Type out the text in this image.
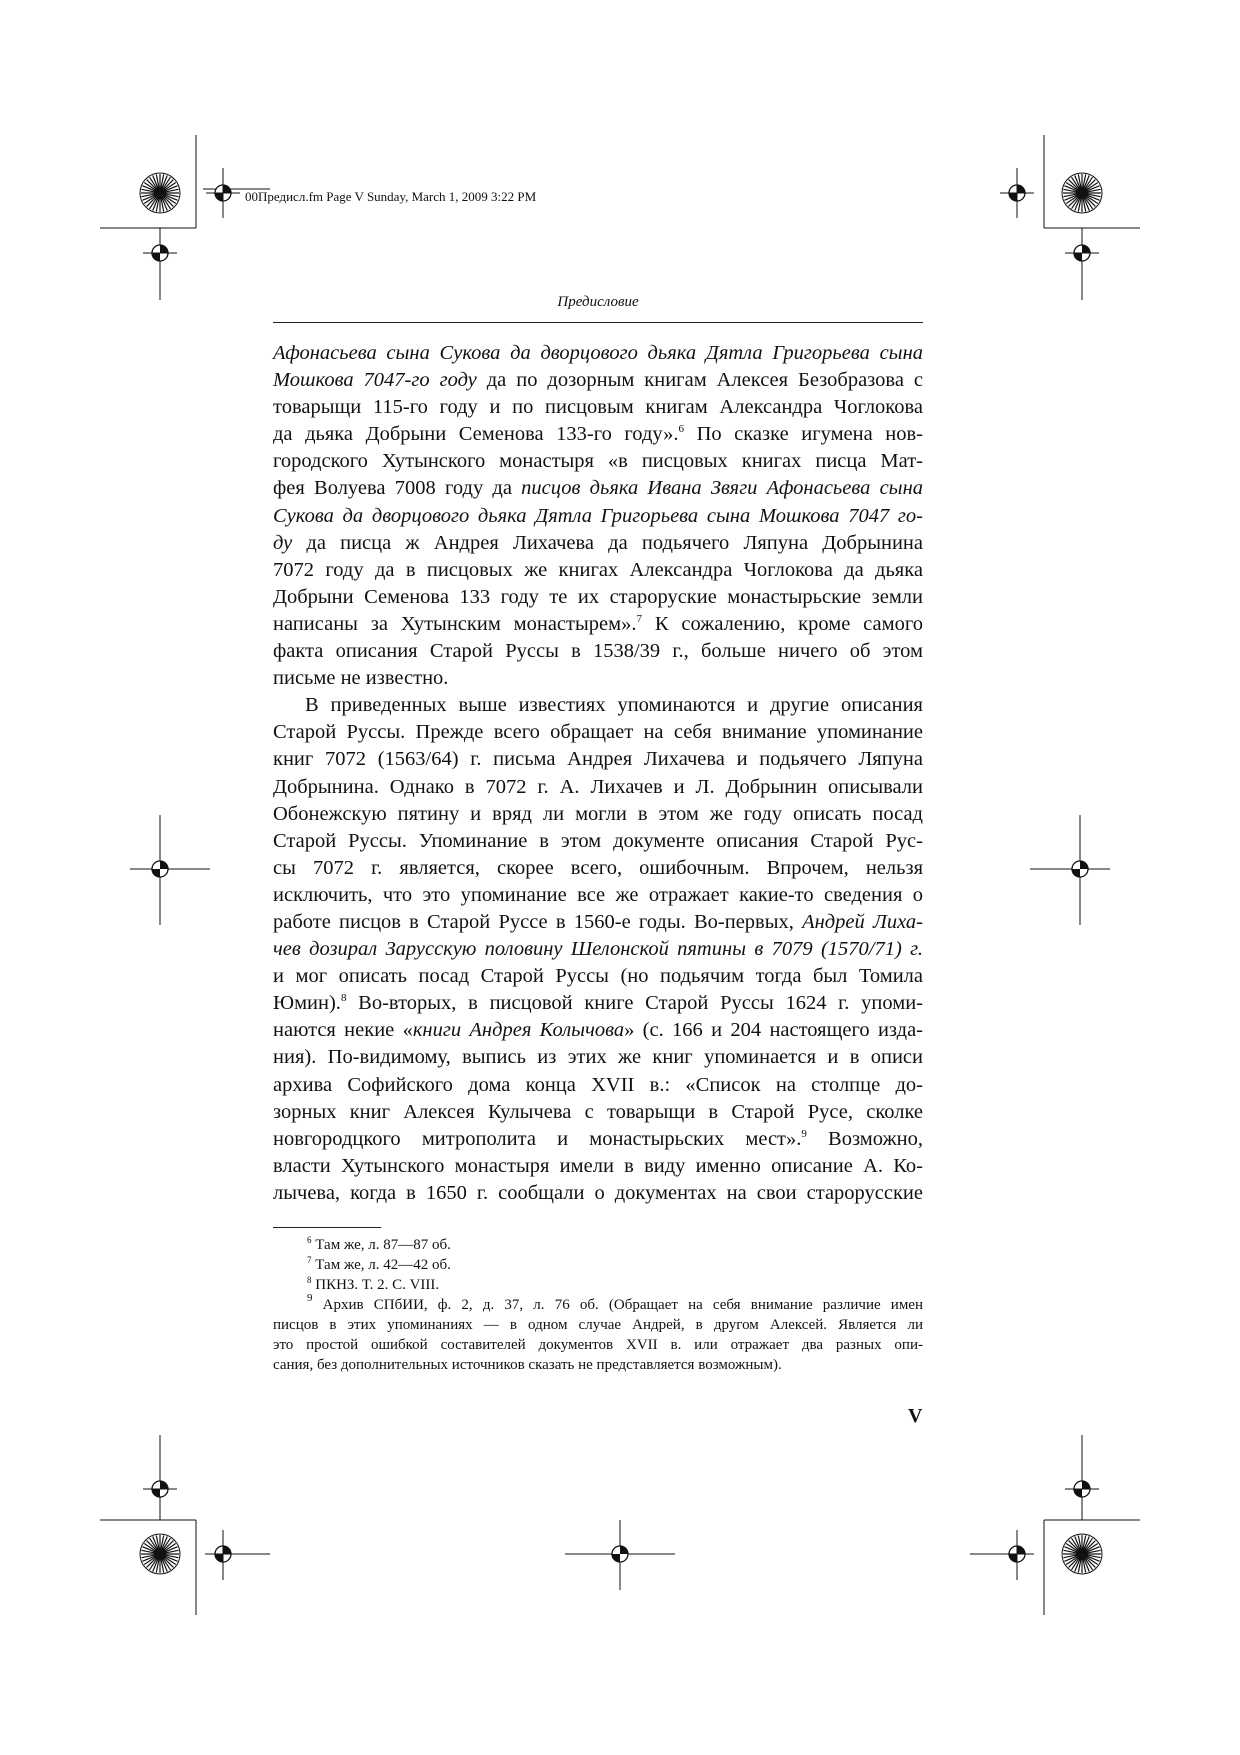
00Предисл.fm Page V Sunday, March 1, 2009 3:22 PM
Предисловие

Афонасьева сына Сукова да дворцового дьяка Дятла Григорьева сына
Мошкова 7047-го году да по дозорным книгам Алексея Безобразова с
товарыщи 115-го году и по писцовым книгам Александра Чоглокова
да дьяка Добрыни Семенова 133-го году».$^6$ По сказке игумена нов-
городского Хутынского монастыря «в писцовых книгах писца Мат-
фея Волуева 7008 году да писцов дьяка Ивана Звяги Афонасьева сына
Сукова да дворцового дьяка Дятла Григорьева сына Мошкова 7047 го-
ду да писца ж Андрея Лихачева да подьячего Ляпуна Добрынина
7072 году да в писцовых же книгах Александра Чоглокова да дьяка
Добрыни Семенова 133 году те их старорускиe монастырьские земли
написаны за Хутынским монастырем».$^7$ К сожалению, кроме самого
факта описания Старой Руссы в 1538/39 г., больше ничего об этом
письме не известно.

В приведенных выше известиях упоминаются и другие описания
Старой Руссы. Прежде всего обращает на себя внимание упоминание
книг 7072 (1563/64) г. письма Андрея Лихачева и подьячего Ляпуна
Добрынина. Однако в 7072 г. А. Лихачев и Л. Добрынин описывали
Обонежскую пятину и вряд ли могли в этом же году описать посад
Старой Руссы. Упоминание в этом документе описания Старой Рус-
сы 7072 г. является, скорее всего, ошибочным. Впрочем, нельзя
исключить, что это упоминание все же отражает какие-то сведения о
работе писцов в Старой Руссе в 1560-е годы. Во-первых, Андрей Лиха-
чев дозирал Зарусскую половину Шелонской пятины в 7079 (1570/71) г.
и мог описать посад Старой Руссы (но подьячим тогда был Томила
Юмин).$^8$ Во-вторых, в писцовой книге Старой Руссы 1624 г. упоми-
наются некие «книги Андрея Колычова» (с. 166 и 204 настоящего изда-
ния). По-видимому, выпись из этих же книг упоминается и в описи
архива Софийского дома конца XVII в.: «Список на столпце до-
зорных книг Алексея Кулычева с товарыщи в Старой Русе, сколке
новгородцкого митрополита и монастырьских мест».$^9$ Возможно,
власти Хутынского монастыря имели в виду именно описание А. Ко-
лычева, когда в 1650 г. сообщали о документах на свои старорусские

$^6$ Там же, л. 87—87 об.

$^7$ Там же, л. 42—42 об.

$^8$ ПКНЗ. Т. 2. С. VIII.

$^9$ Архив СПбИИ, ф. 2, д. 37, л. 76 об. (Обращает на себя внимание различие имен
писцов в этих упоминаниях — в одном случае Андрей, в другом Алексей. Является ли
это простой ошибкой составителей документов XVII в. или отражает два разных опи-
сания, без дополнительных источников сказать не представляется возможным).
V
